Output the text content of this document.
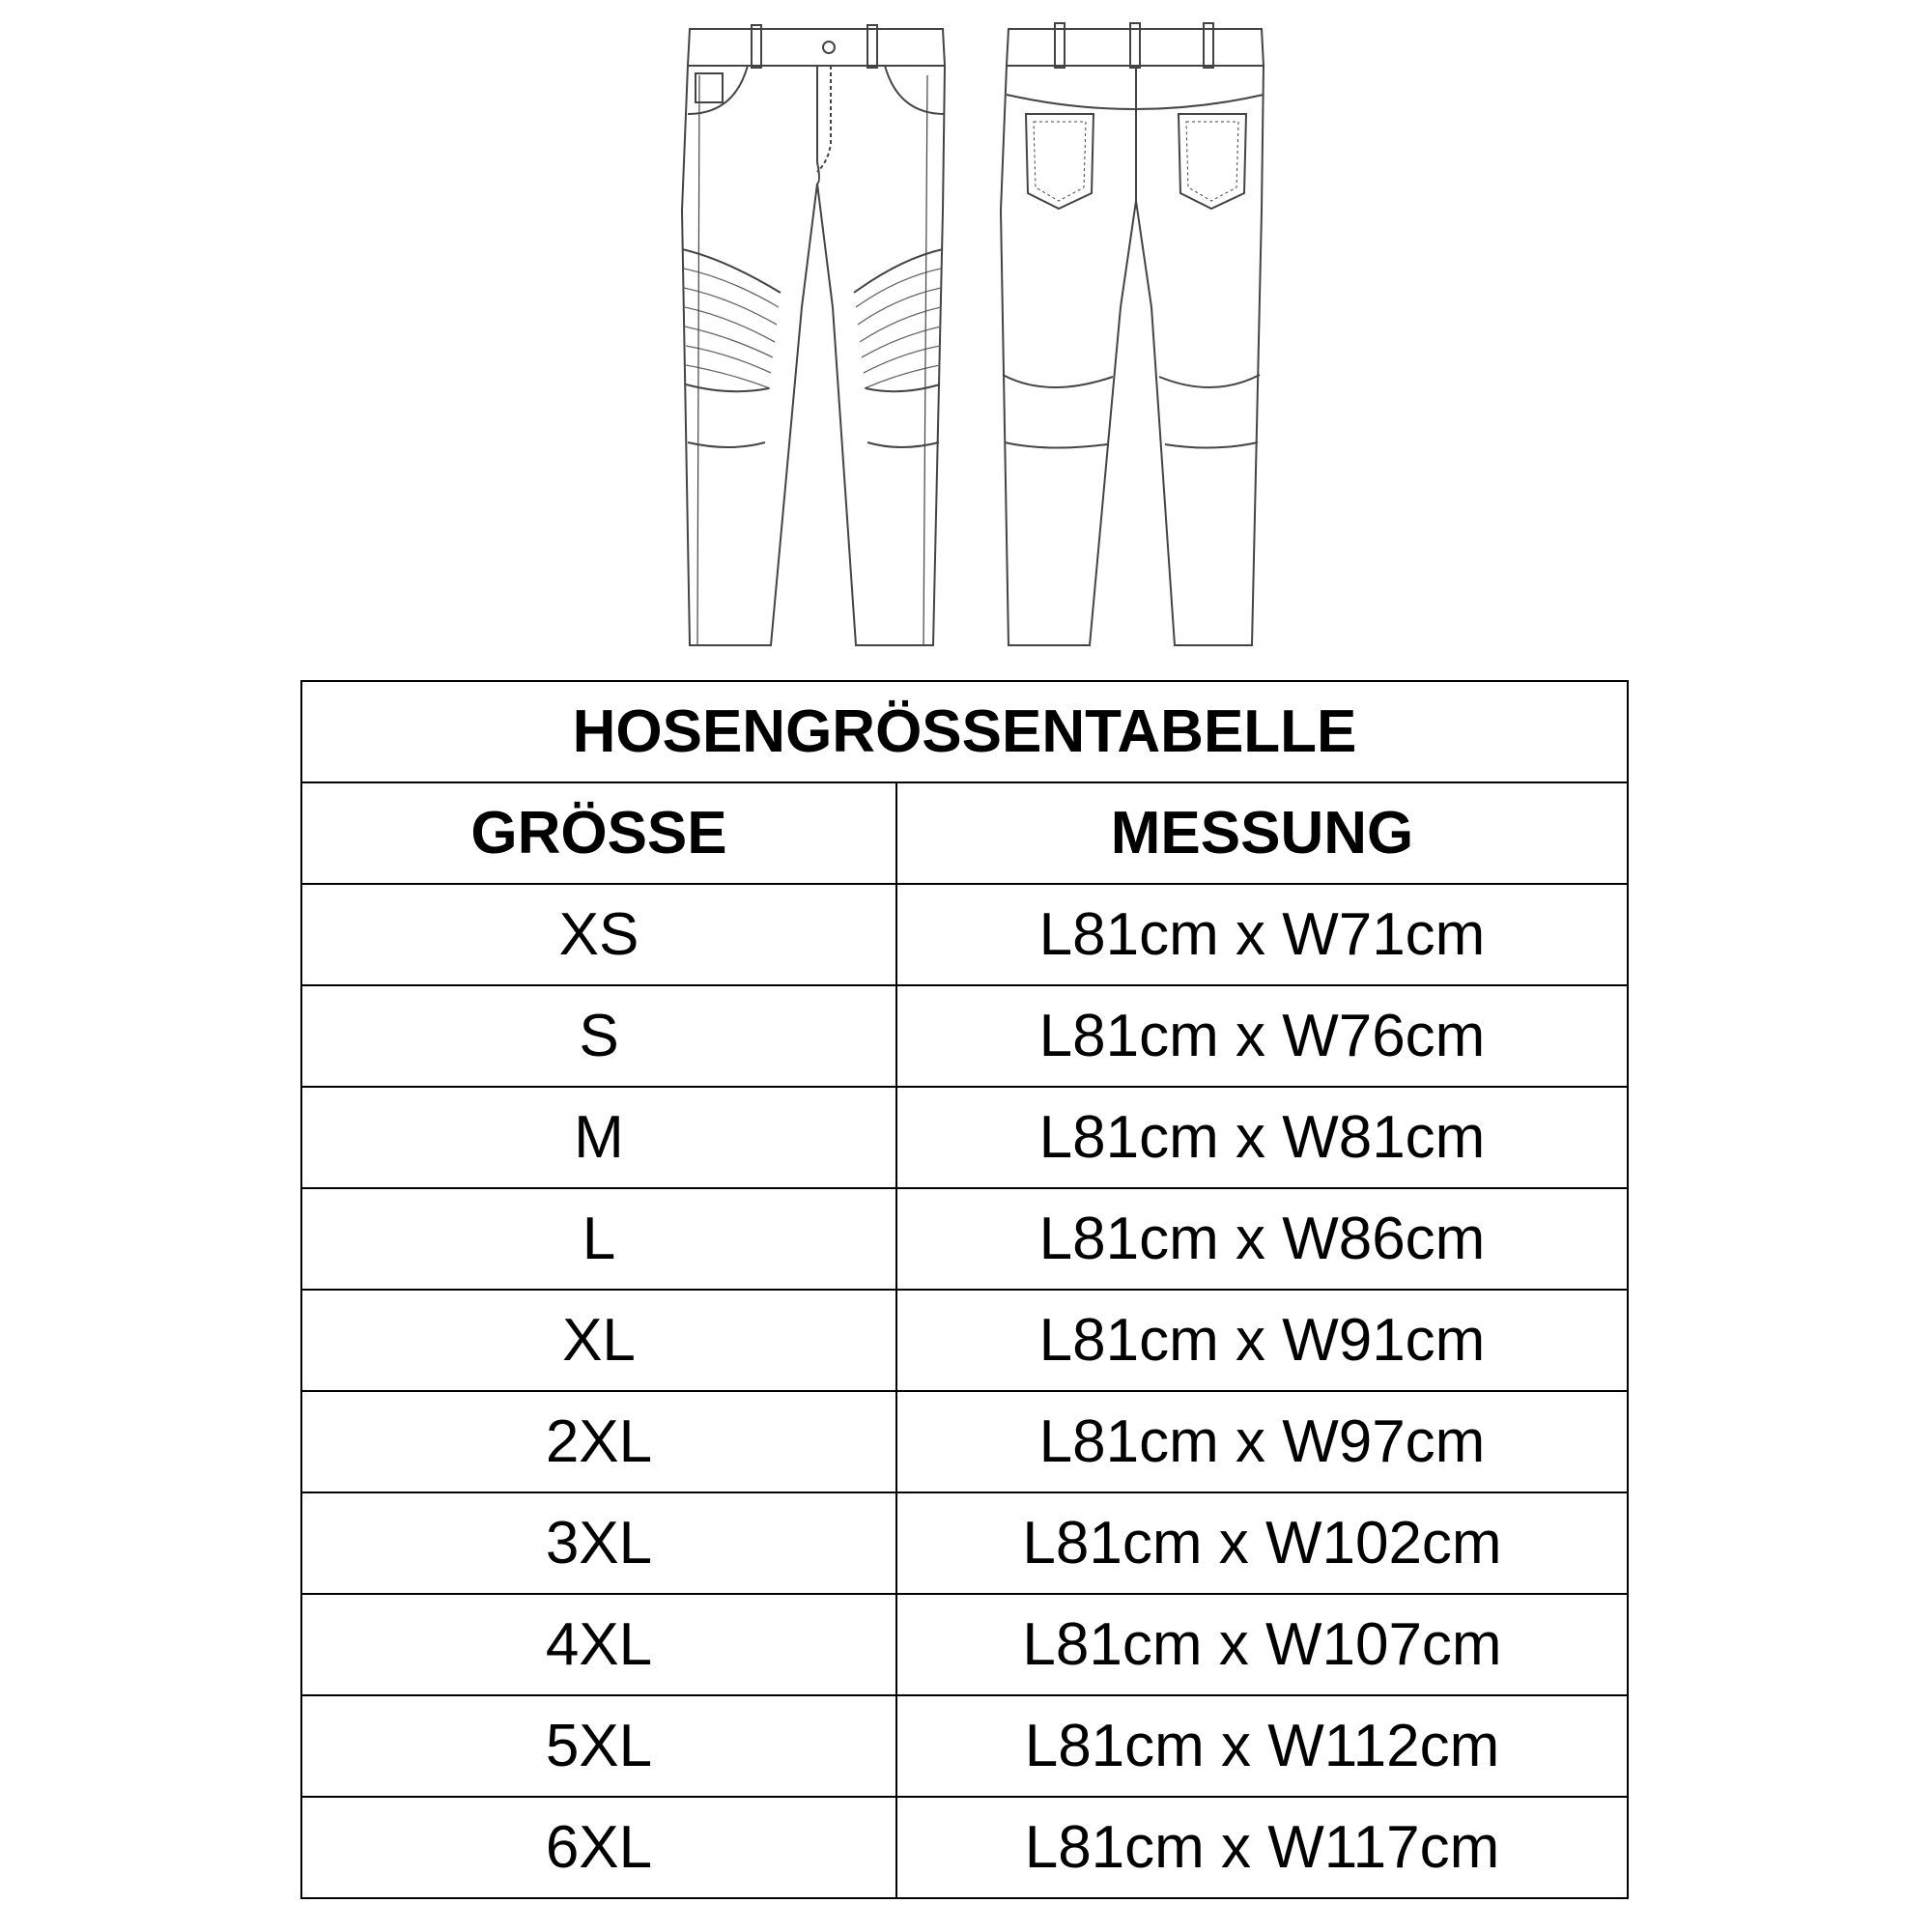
HOSENGRÖSSENTABELLE	
GRÖSSE	MESSUNG
XS	L81cm x W71cm
S	L81cm x W76cm
M	L81cm x W81cm
L	L81cm x W86cm
XL	L81cm x W91cm
2XL	L81cm x W97cm
3XL	L81cm x W102cm
4XL	L81cm x W107cm
5XL	L81cm x W112cm
6XL	L81cm x W117cm
